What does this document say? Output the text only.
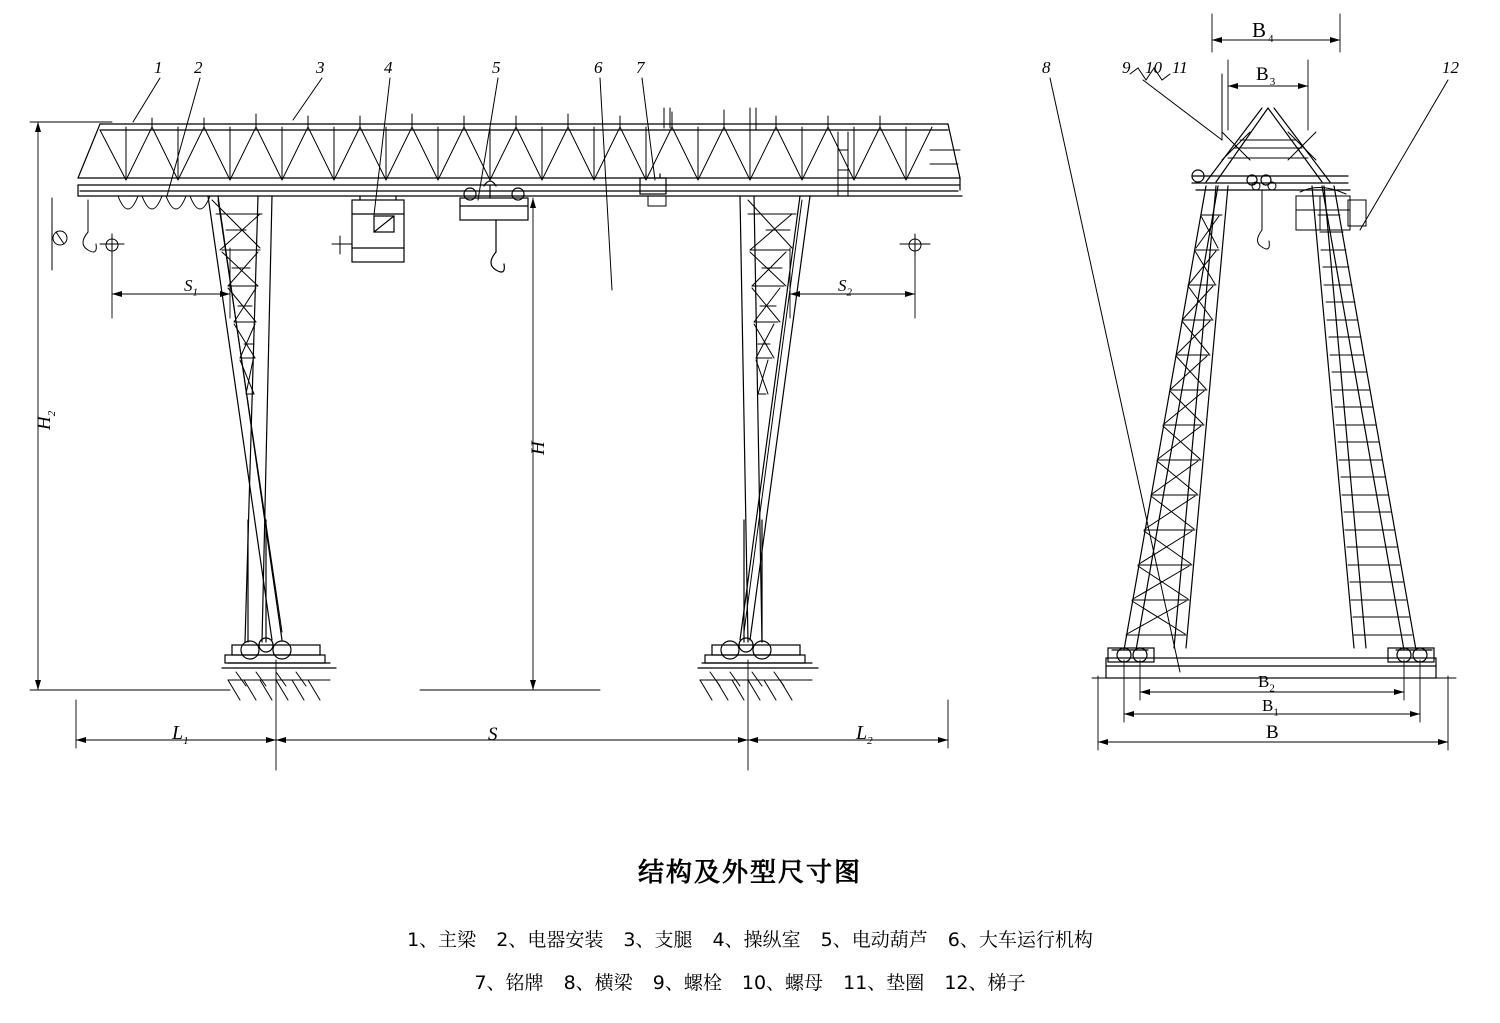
1 2	3	4	5	6 7	8	9 10 11	12
$H_2$
H
$S_1$	$S_2$
$L_1$	S	$L_2$
$B_4$
$B_3$
$B_2$
$B_1$
B
结构及外型尺寸图
1、主梁 2、电器安装 3、支腿 4、操纵室 5、电动葫芦 6、大车运行机构
7、铭牌 8、横梁 9、螺栓 10、螺母 11、垫圈 12、梯子
